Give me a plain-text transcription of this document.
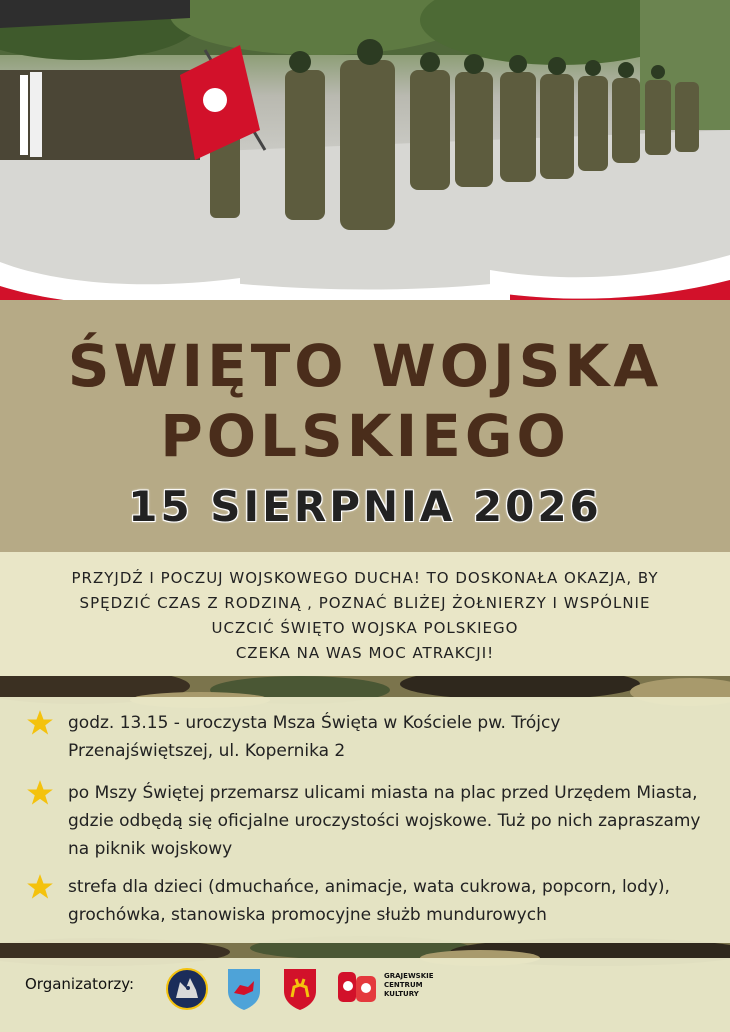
ŚWIĘTO WOJSKA
POLSKIEGO
15 SIERPNIA 2026

PRZYJDŹ I POCZUJ WOJSKOWEGO DUCHA! TO DOSKONAŁA OKAZJA, BY

SPĘDZIĆ CZAS Z RODZINĄ , POZNAĆ BLIŻEJ ŻOŁNIERZY I WSPÓLNIE

UCZCIĆ ŚWIĘTO WOJSKA POLSKIEGO

CZEKA NA WAS MOC ATRAKCJI!

godz. 13.15 - uroczysta Msza Święta w Kościele pw. Trójcy Przenajświętszej, ul. Kopernika 2
po Mszy Świętej przemarsz ulicami miasta na plac przed Urzędem Miasta, gdzie odbędą się oficjalne uroczystości wojskowe. Tuż po nich zapraszamy na piknik wojskowy
strefa dla dzieci (dmuchańce, animacje, wata cukrowa, popcorn, lody), grochówka, stanowiska promocyjne służb mundurowych
Organizatorzy:	GRAJEWSKIE
CENTRUM
KULTURY
